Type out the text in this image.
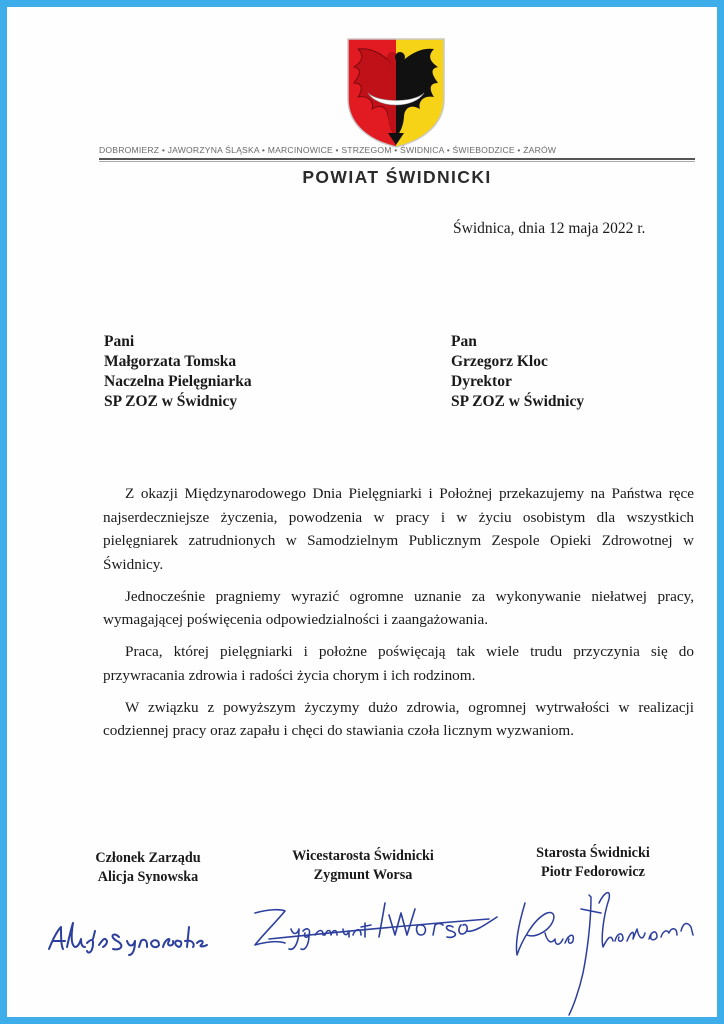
DOBROMIERZ • JAWORZYNA ŚLĄSKA • MARCINOWICE • STRZEGOM • ŚWIDNICA • ŚWIEBODZICE • ŻARÓW
POWIAT ŚWIDNICKI
Świdnica, dnia 12 maja 2022 r.
Pani
Małgorzata Tomska
Naczelna Pielęgniarka
SP ZOZ w Świdnicy
Pan
Grzegorz Kloc
Dyrektor
SP ZOZ w Świdnicy

Z okazji Międzynarodowego Dnia Pielęgniarki i Położnej przekazujemy na Państwa ręce najserdeczniejsze życzenia, powodzenia w pracy i w życiu osobistym dla wszystkich pielęgniarek zatrudnionych w Samodzielnym Publicznym Zespole Opieki Zdrowotnej w Świdnicy.

Jednocześnie pragniemy wyrazić ogromne uznanie za wykonywanie niełatwej pracy, wymagającej poświęcenia odpowiedzialności i zaangażowania.

Praca, której pielęgniarki i położne poświęcają tak wiele trudu przyczynia się do przywracania zdrowia i radości życia chorym i ich rodzinom.

W związku z powyższym życzymy dużo zdrowia, ogromnej wytrwałości w realizacji codziennej pracy oraz zapału i chęci do stawiania czoła licznym wyzwaniom.

Członek Zarządu
Alicja Synowska
Wicestarosta Świdnicki
Zygmunt Worsa
Starosta Świdnicki
Piotr Fedorowicz
